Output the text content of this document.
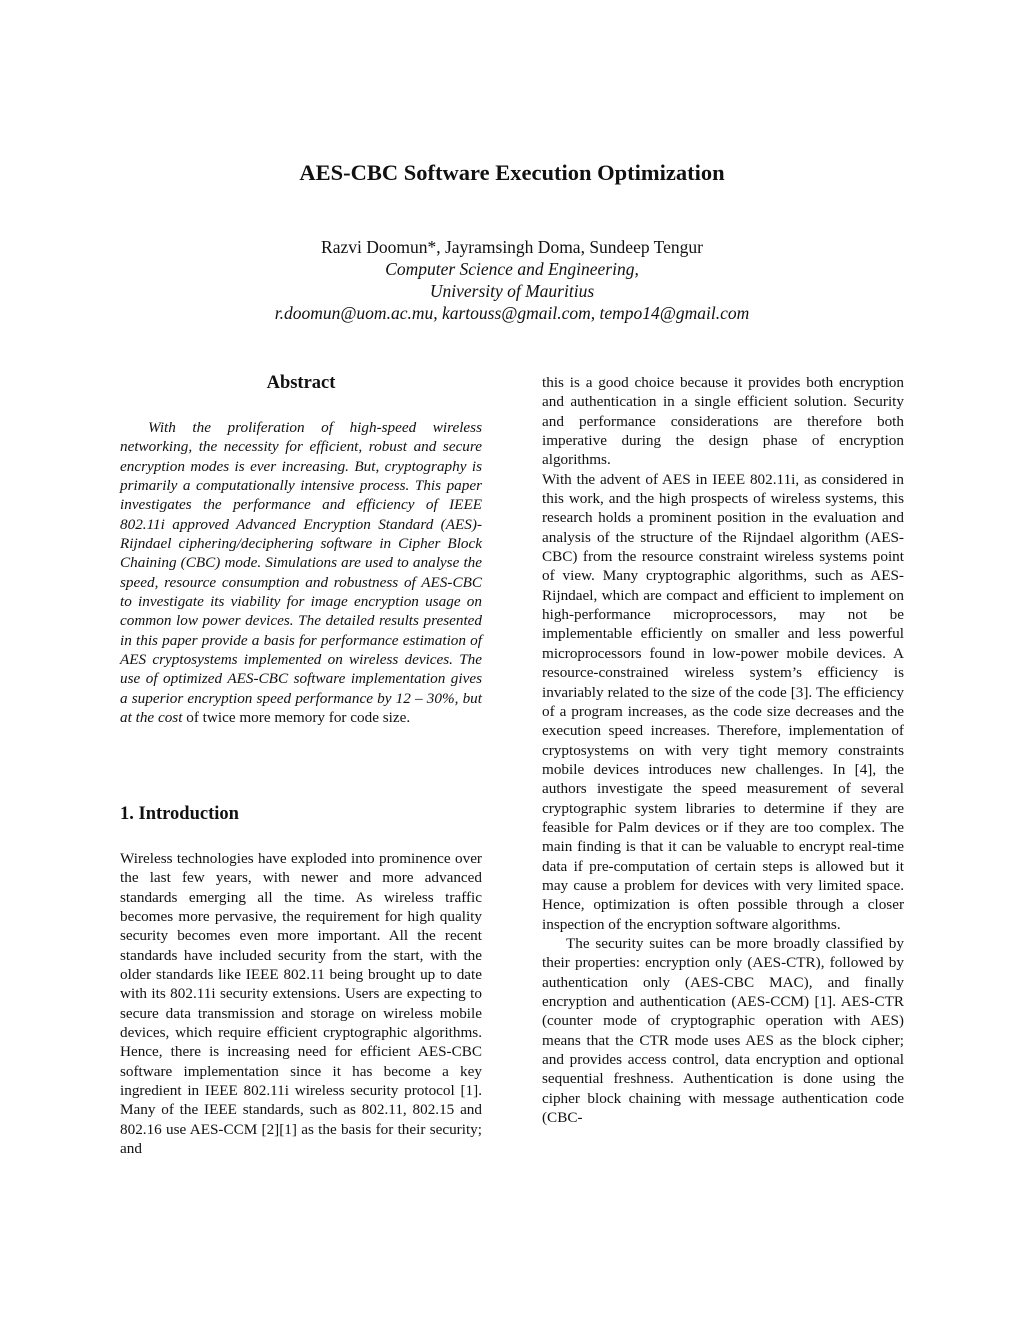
AES-CBC Software Execution Optimization
Razvi Doomun*, Jayramsingh Doma, Sundeep Tengur
Computer Science and Engineering,
University of Mauritius
r.doomun@uom.ac.mu, kartouss@gmail.com, tempo14@gmail.com
Abstract

With the proliferation of high-speed wireless networking, the necessity for efficient, robust and secure encryption modes is ever increasing. But, cryptography is primarily a computationally intensive process. This paper investigates the performance and efficiency of IEEE 802.11i approved Advanced Encryption Standard (AES)-Rijndael ciphering/deciphering software in Cipher Block Chaining (CBC) mode. Simulations are used to analyse the speed, resource consumption and robustness of AES-CBC to investigate its viability for image encryption usage on common low power devices. The detailed results presented in this paper provide a basis for performance estimation of AES cryptosystems implemented on wireless devices. The use of optimized AES-CBC software implementation gives a superior encryption speed performance by 12 – 30%, but at the cost of twice more memory for code size.

1. Introduction

Wireless technologies have exploded into prominence over the last few years, with newer and more advanced standards emerging all the time. As wireless traffic becomes more pervasive, the requirement for high quality security becomes even more important. All the recent standards have included security from the start, with the older standards like IEEE 802.11 being brought up to date with its 802.11i security extensions. Users are expecting to secure data transmission and storage on wireless mobile devices, which require efficient cryptographic algorithms. Hence, there is increasing need for efficient AES-CBC software implementation since it has become a key ingredient in IEEE 802.11i wireless security protocol [1]. Many of the IEEE standards, such as 802.11, 802.15 and 802.16 use AES-CCM [2][1] as the basis for their security; and

this is a good choice because it provides both encryption and authentication in a single efficient solution. Security and performance considerations are therefore both imperative during the design phase of encryption algorithms.

With the advent of AES in IEEE 802.11i, as considered in this work, and the high prospects of wireless systems, this research holds a prominent position in the evaluation and analysis of the structure of the Rijndael algorithm (AES-CBC) from the resource constraint wireless systems point of view. Many cryptographic algorithms, such as AES-Rijndael, which are compact and efficient to implement on high-performance microprocessors, may not be implementable efficiently on smaller and less powerful microprocessors found in low-power mobile devices. A resource-constrained wireless system’s efficiency is invariably related to the size of the code [3]. The efficiency of a program increases, as the code size decreases and the execution speed increases. Therefore, implementation of cryptosystems on with very tight memory constraints mobile devices introduces new challenges. In [4], the authors investigate the speed measurement of several cryptographic system libraries to determine if they are feasible for Palm devices or if they are too complex. The main finding is that it can be valuable to encrypt real-time data if pre-computation of certain steps is allowed but it may cause a problem for devices with very limited space. Hence, optimization is often possible through a closer inspection of the encryption software algorithms.

The security suites can be more broadly classified by their properties: encryption only (AES-CTR), followed by authentication only (AES-CBC MAC), and finally encryption and authentication (AES-CCM) [1]. AES-CTR (counter mode of cryptographic operation with AES) means that the CTR mode uses AES as the block cipher; and provides access control, data encryption and optional sequential freshness. Authentication is done using the cipher block chaining with message authentication code (CBC-
